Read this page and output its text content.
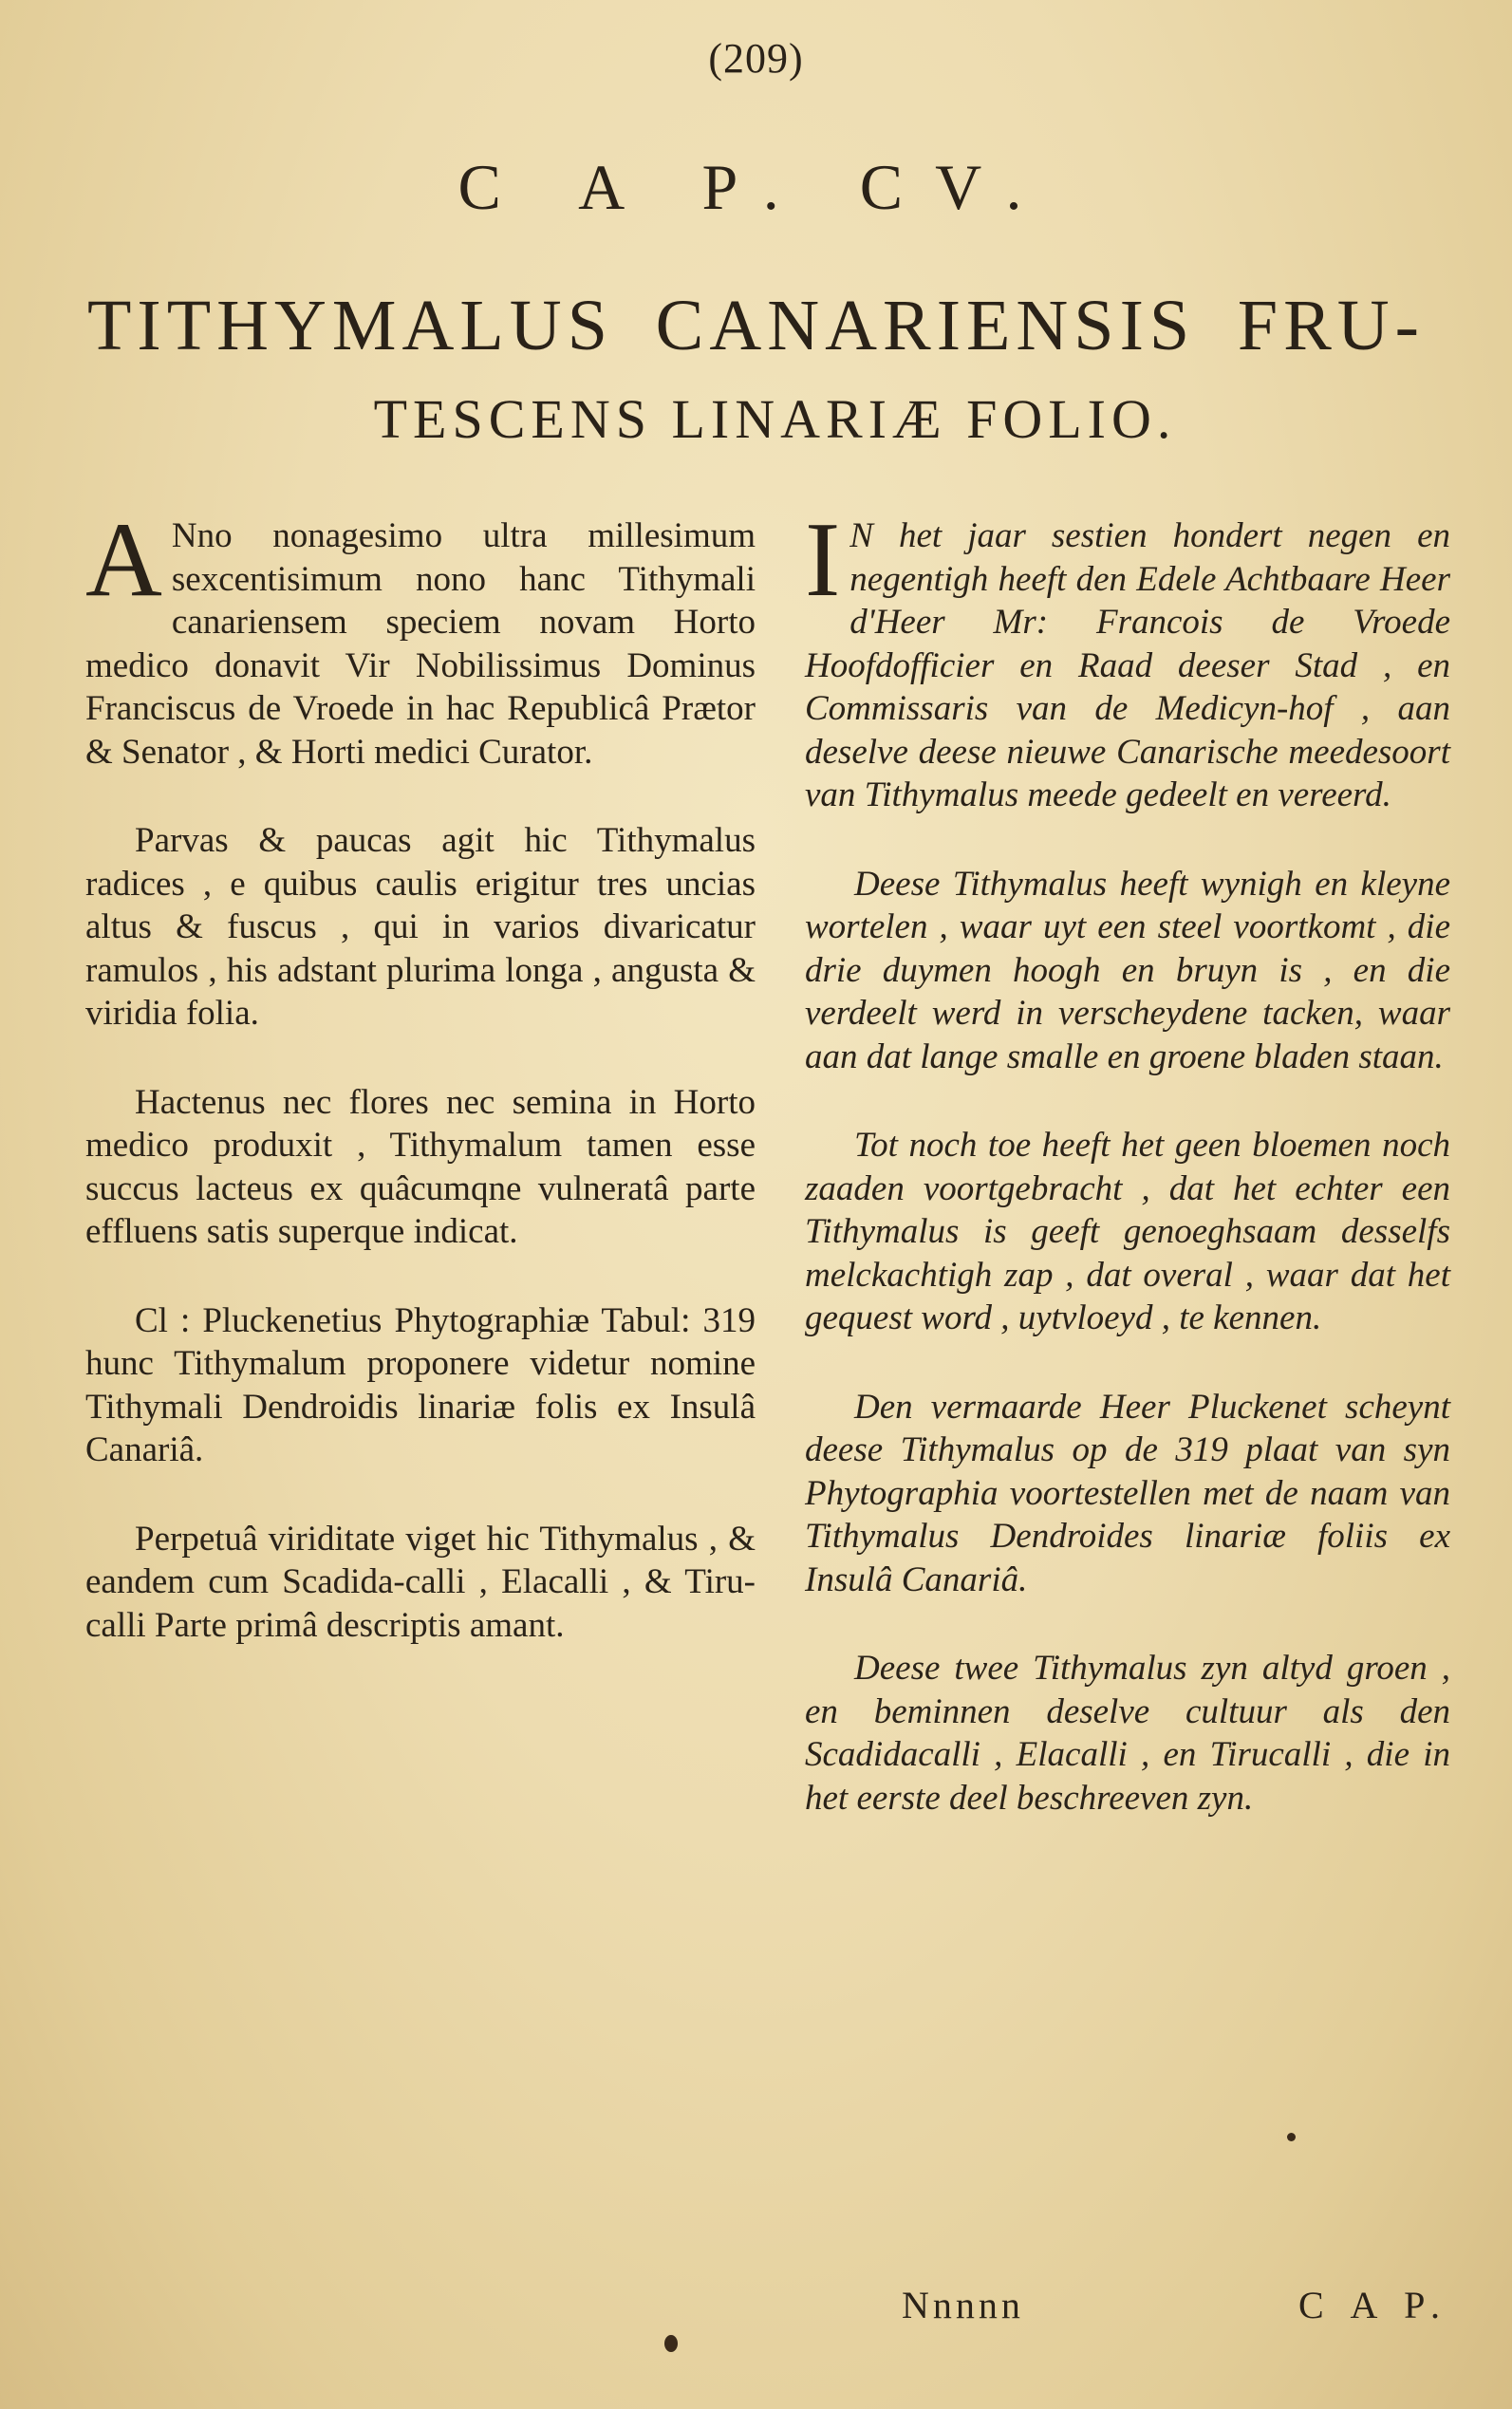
(209)
C A P. CV.
TITHYMALUS CANARIENSIS FRU-
TESCENS LINARIÆ FOLIO.

A Nno nonagesimo ultra millesimum sexcentisimum nono hanc Tithymali canariensem speciem novam Horto medico donavit Vir Nobilissimus Dominus Franciscus de Vroede in hac Republicâ Prætor & Senator , & Horti medici Curator.

Parvas & paucas agit hic Tithymalus radices , e quibus caulis erigitur tres uncias altus & fuscus , qui in varios divaricatur ramulos , his adstant plurima longa , angusta & viridia folia.

Hactenus nec flores nec semina in Horto medico produxit , Tithymalum tamen esse succus lacteus ex quâcumqne vulneratâ parte effluens satis superque indicat.

Cl : Pluckenetius Phytographiæ Tabul: 319 hunc Tithymalum proponere videtur nomine Tithymali Dendroidis linariæ folis ex Insulâ Canariâ.

Perpetuâ viriditate viget hic Tithymalus , & eandem cum Scadida-calli , Elacalli , & Tiru-calli Parte primâ descriptis amant.

I N het jaar sestien hondert negen en negentigh heeft den Edele Achtbaare Heer d'Heer Mr: Francois de Vroede Hoofdofficier en Raad deeser Stad , en Commissaris van de Medicyn-hof , aan deselve deese nieuwe Canarische meedesoort van Tithymalus meede gedeelt en vereerd.

Deese Tithymalus heeft wynigh en kleyne wortelen , waar uyt een steel voortkomt , die drie duymen hoogh en bruyn is , en die verdeelt werd in verscheydene tacken, waar aan dat lange smalle en groene bladen staan.

Tot noch toe heeft het geen bloemen noch zaaden voortgebracht , dat het echter een Tithymalus is geeft genoeghsaam desselfs melckachtigh zap , dat overal , waar dat het gequest word , uytvloeyd , te kennen.

Den vermaarde Heer Pluckenet scheynt deese Tithymalus op de 319 plaat van syn Phytographia voortestellen met de naam van Tithymalus Dendroides linariæ foliis ex Insulâ Canariâ.

Deese twee Tithymalus zyn altyd groen , en beminnen deselve cultuur als den Scadidacalli , Elacalli , en Tirucalli , die in het eerste deel beschreeven zyn.

Nnnnn	C A P.
